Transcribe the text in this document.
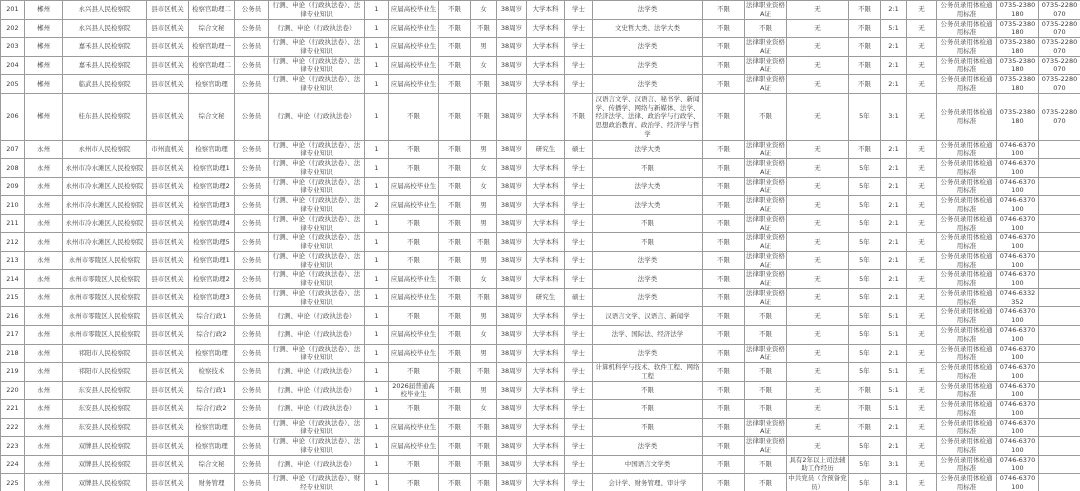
201	郴州	永兴县人民检察院	县市区机关	检察官助理二	公务员	行测、申论（行政执法卷）、法律专业知识	1	应届高校毕业生	不限	女	38周岁	大学本科	学士	法学类	不限	法律职业资格A证	无	不限	2:1	无	公务员录用体检通用标准	0735-2380180	0735-2280070
202	郴州	永兴县人民检察院	县市区机关	综合文秘	公务员	行测、申论（行政执法卷）	1	应届高校毕业生	不限	不限	38周岁	大学本科	学士	文史哲大类、法学大类	不限	不限	无	不限	5:1	无	公务员录用体检通用标准	0735-2380180	0735-2280070
203	郴州	嘉禾县人民检察院	县市区机关	检察官助理一	公务员	行测、申论（行政执法卷）、法律专业知识	1	应届高校毕业生	不限	男	38周岁	大学本科	学士	法学类	不限	法律职业资格A证	无	不限	2:1	无	公务员录用体检通用标准	0735-2380180	0735-2280070
204	郴州	嘉禾县人民检察院	县市区机关	检察官助理二	公务员	行测、申论（行政执法卷）、法律专业知识	1	应届高校毕业生	不限	女	38周岁	大学本科	学士	法学类	不限	法律职业资格A证	无	不限	2:1	无	公务员录用体检通用标准	0735-2380180	0735-2280070
205	郴州	临武县人民检察院	县市区机关	检察官助理	公务员	行测、申论（行政执法卷）、法律专业知识	1	应届高校毕业生	不限	不限	38周岁	大学本科	学士	法学类	不限	法律职业资格A证	无	不限	2:1	无	公务员录用体检通用标准	0735-2380180	0735-2280070
206	郴州	桂东县人民检察院	县市区机关	综合文秘	公务员	行测、申论（行政执法卷）	1	不限	不限	不限	38周岁	大学本科	不限	汉语言文学、汉语言、秘书学、新闻学、传播学、网络与新媒体、法学、经济法学、法律、政治学与行政学、思想政治教育、政治学、经济学与哲学	不限	不限	无	5年	3:1	无	公务员录用体检通用标准	0735-2380180	0735-2280070
207	永州	永州市人民检察院	市州直机关	检察官助理	公务员	行测、申论（行政执法卷）、法律专业知识	1	不限	不限	男	38周岁	研究生	硕士	法学大类	不限	法律职业资格A证	无	不限	2:1	无	公务员录用体检通用标准	0746-6370100	
208	永州	永州市冷水滩区人民检察院	县市区机关	检察官助理1	公务员	行测、申论（行政执法卷）、法律专业知识	1	不限	不限	女	38周岁	大学本科	学士	不限	不限	法律职业资格A证	无	5年	2:1	无	公务员录用体检通用标准	0746-6370100	
209	永州	永州市冷水滩区人民检察院	县市区机关	检察官助理2	公务员	行测、申论（行政执法卷）、法律专业知识	1	应届高校毕业生	不限	女	38周岁	大学本科	学士	法学大类	不限	法律职业资格A证	无	5年	2:1	无	公务员录用体检通用标准	0746-6370100	
210	永州	永州市冷水滩区人民检察院	县市区机关	检察官助理3	公务员	行测、申论（行政执法卷）、法律专业知识	2	应届高校毕业生	不限	男	38周岁	大学本科	学士	法学大类	不限	法律职业资格A证	无	5年	2:1	无	公务员录用体检通用标准	0746-6370100	
211	永州	永州市冷水滩区人民检察院	县市区机关	检察官助理4	公务员	行测、申论（行政执法卷）、法律专业知识	1	不限	不限	男	38周岁	大学本科	学士	不限	不限	法律职业资格A证	无	5年	2:1	无	公务员录用体检通用标准	0746-6370100	
212	永州	永州市冷水滩区人民检察院	县市区机关	检察官助理5	公务员	行测、申论（行政执法卷）、法律专业知识	1	不限	不限	不限	38周岁	大学本科	学士	不限	不限	法律职业资格A证	无	5年	2:1	无	公务员录用体检通用标准	0746-6370100	
213	永州	永州市零陵区人民检察院	县市区机关	检察官助理1	公务员	行测、申论（行政执法卷）、法律专业知识	1	不限	不限	男	38周岁	大学本科	学士	法学类	不限	法律职业资格A证	无	5年	2:1	无	公务员录用体检通用标准	0746-6370100	
214	永州	永州市零陵区人民检察院	县市区机关	检察官助理2	公务员	行测、申论（行政执法卷）、法律专业知识	1	应届高校毕业生	不限	女	38周岁	大学本科	学士	法学类	不限	法律职业资格A证	无	5年	2:1	无	公务员录用体检通用标准	0746-6370100	
215	永州	永州市零陵区人民检察院	县市区机关	检察官助理3	公务员	行测、申论（行政执法卷）、法律专业知识	1	应届高校毕业生	不限	不限	38周岁	研究生	硕士	法学类	不限	法律职业资格A证	无	5年	2:1	无	公务员录用体检通用标准	0746-6332352	
216	永州	永州市零陵区人民检察院	县市区机关	综合行政1	公务员	行测、申论（行政执法卷）	1	不限	不限	男	38周岁	大学本科	学士	汉语言文学、汉语言、新闻学	不限	不限	无	5年	5:1	无	公务员录用体检通用标准	0746-6370100	
217	永州	永州市零陵区人民检察院	县市区机关	综合行政2	公务员	行测、申论（行政执法卷）	1	应届高校毕业生	不限	女	38周岁	大学本科	学士	法学、国际法、经济法学	不限	不限	无	5年	5:1	无	公务员录用体检通用标准	0746-6370100	
218	永州	祁阳市人民检察院	县市区机关	检察官助理	公务员	行测、申论（行政执法卷）、法律专业知识	1	应届高校毕业生	不限	男	38周岁	大学本科	学士	法学类	不限	法律职业资格A证	无	5年	2:1	无	公务员录用体检通用标准	0746-6370100	
219	永州	祁阳市人民检察院	县市区机关	检察技术	公务员	行测、申论（行政执法卷）	1	不限	不限	不限	38周岁	大学本科	学士	计算机科学与技术、软件工程、网络工程	不限	不限	无	5年	5:1	无	公务员录用体检通用标准	0746-6370100	
220	永州	东安县人民检察院	县市区机关	综合行政1	公务员	行测、申论（行政执法卷）	1	2026届普通高校毕业生	不限	男	38周岁	大学本科	学士	不限	不限	不限	无	不限	5:1	无	公务员录用体检通用标准	0746-6370100	
221	永州	东安县人民检察院	县市区机关	综合行政2	公务员	行测、申论（行政执法卷）	1	不限	不限	女	38周岁	大学本科	学士	不限	不限	不限	无	不限	5:1	无	公务员录用体检通用标准	0746-6370100	
222	永州	东安县人民检察院	县市区机关	检察官助理	公务员	行测、申论（行政执法卷）、法律专业知识	1	应届高校毕业生	不限	不限	38周岁	大学本科	学士	不限	不限	法律职业资格A证	无	不限	2:1	无	公务员录用体检通用标准	0746-6370100	
223	永州	双牌县人民检察院	县市区机关	检察官助理	公务员	行测、申论（行政执法卷）、法律专业知识	1	应届高校毕业生	不限	不限	38周岁	大学本科	学士	法学类	不限	法律职业资格A证	无	5年	2:1	无	公务员录用体检通用标准	0746-6370100	
224	永州	双牌县人民检察院	县市区机关	综合文秘	公务员	行测、申论（行政执法卷）	1	不限	不限	不限	38周岁	大学本科	学士	中国语言文学类	不限	不限	具有2年以上司法辅助工作经历	5年	3:1	无	公务员录用体检通用标准	0746-6370100	
225	永州	双牌县人民检察院	县市区机关	财务管理	公务员	行测、申论（行政执法卷）、财经专业知识	1	不限	不限	不限	38周岁	大学本科	学士	会计学、财务管理、审计学	不限	不限	中共党员（含预备党员）	5年	3:1	无	公务员录用体检通用标准	0746-6370100	
